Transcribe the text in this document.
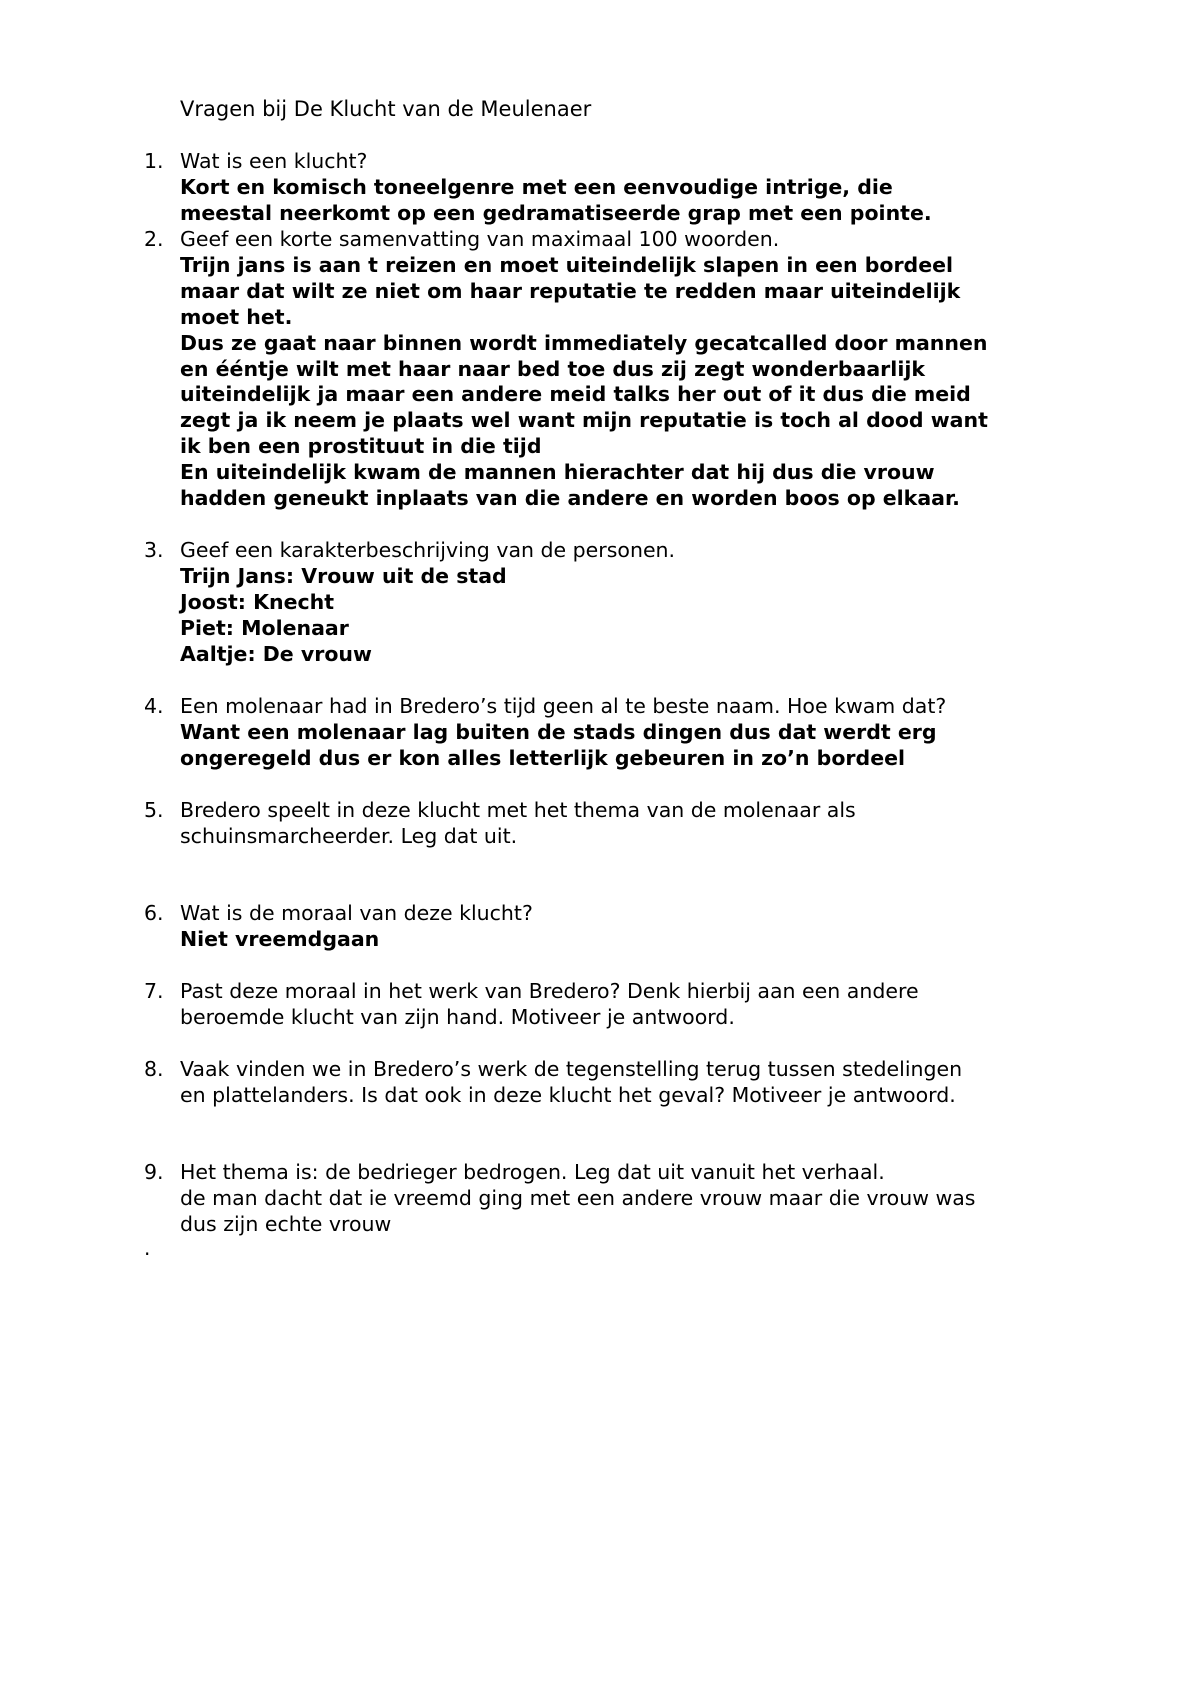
Vragen bij De Klucht van de Meulenaer
1. Wat is een klucht?
Kort en komisch toneelgenre met een eenvoudige intrige, die
meestal neerkomt op een gedramatiseerde grap met een pointe.
2. Geef een korte samenvatting van maximaal 100 woorden.
Trijn jans is aan t reizen en moet uiteindelijk slapen in een bordeel
maar dat wilt ze niet om haar reputatie te redden maar uiteindelijk
moet het.
Dus ze gaat naar binnen wordt immediately gecatcalled door mannen
en ééntje wilt met haar naar bed toe dus zij zegt wonderbaarlijk
uiteindelijk ja maar een andere meid talks her out of it dus die meid
zegt ja ik neem je plaats wel want mijn reputatie is toch al dood want
ik ben een prostituut in die tijd
En uiteindelijk kwam de mannen hierachter dat hij dus die vrouw
hadden geneukt inplaats van die andere en worden boos op elkaar.
3. Geef een karakterbeschrijving van de personen.
Trijn Jans: Vrouw uit de stad
Joost: Knecht
Piet: Molenaar
Aaltje: De vrouw
4. Een molenaar had in Bredero’s tijd geen al te beste naam. Hoe kwam dat?
Want een molenaar lag buiten de stads dingen dus dat werdt erg
ongeregeld dus er kon alles letterlijk gebeuren in zo’n bordeel
5. Bredero speelt in deze klucht met het thema van de molenaar als
schuinsmarcheerder. Leg dat uit.
6. Wat is de moraal van deze klucht?
Niet vreemdgaan
7. Past deze moraal in het werk van Bredero? Denk hierbij aan een andere
beroemde klucht van zijn hand. Motiveer je antwoord.
8. Vaak vinden we in Bredero’s werk de tegenstelling terug tussen stedelingen
en plattelanders. Is dat ook in deze klucht het geval? Motiveer je antwoord.
9. Het thema is: de bedrieger bedrogen. Leg dat uit vanuit het verhaal.
de man dacht dat ie vreemd ging met een andere vrouw maar die vrouw was
dus zijn echte vrouw
.
